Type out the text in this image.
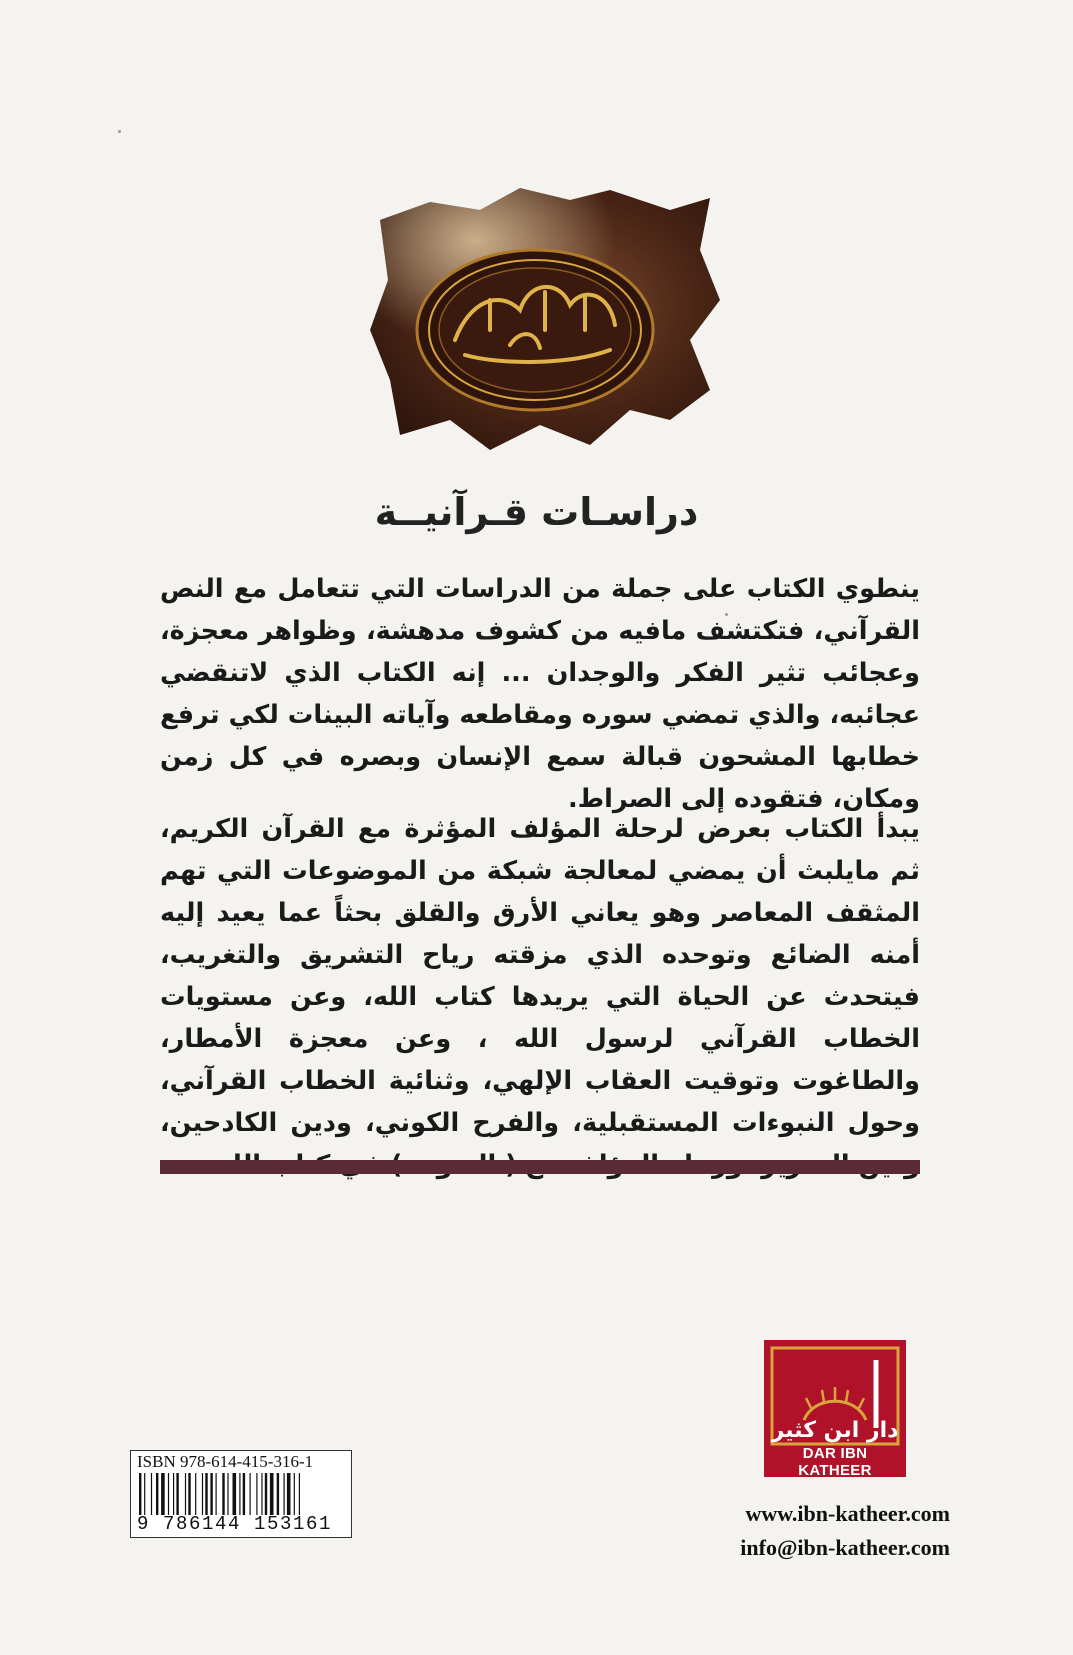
دراسـات قـرآنيــة

ينطوي الكتاب على جملة من الدراسات التي تتعامل مع النص القرآني، فتكتشف مافيه من كشوف مدهشة، وظواهر معجزة، وعجائب تثير الفكر والوجدان ... إنه الكتاب الذي لاتنقضي عجائبه، والذي تمضي سوره ومقاطعه وآياته البينات لكي ترفع خطابها المشحون قبالة سمع الإنسان وبصره في كل زمن ومكان، فتقوده إلى الصراط.

يبدأ الكتاب بعرض لرحلة المؤلف المؤثرة مع القرآن الكريم، ثم مايلبث أن يمضي لمعالجة شبكة من الموضوعات التي تهم المثقف المعاصر وهو يعاني الأرق والقلق بحثاً عما يعيد إليه أمنه الضائع وتوحده الذي مزقته رياح التشريق والتغريب، فيتحدث عن الحياة التي يريدها كتاب الله، وعن مستويات الخطاب القرآني لرسول الله ، وعن معجزة الأمطار، والطاغوت وتوقيت العقاب الإلهي، وثنائية الخطاب القرآني، وحول النبوءات المستقبلية، والفرح الكوني، ودين الكادحين،

دار ابن كثير
DAR IBN KATHEER
www.ibn-katheer.com
info@ibn-katheer.com
ISBN 978-614-415-316-1
9 786144 153161
